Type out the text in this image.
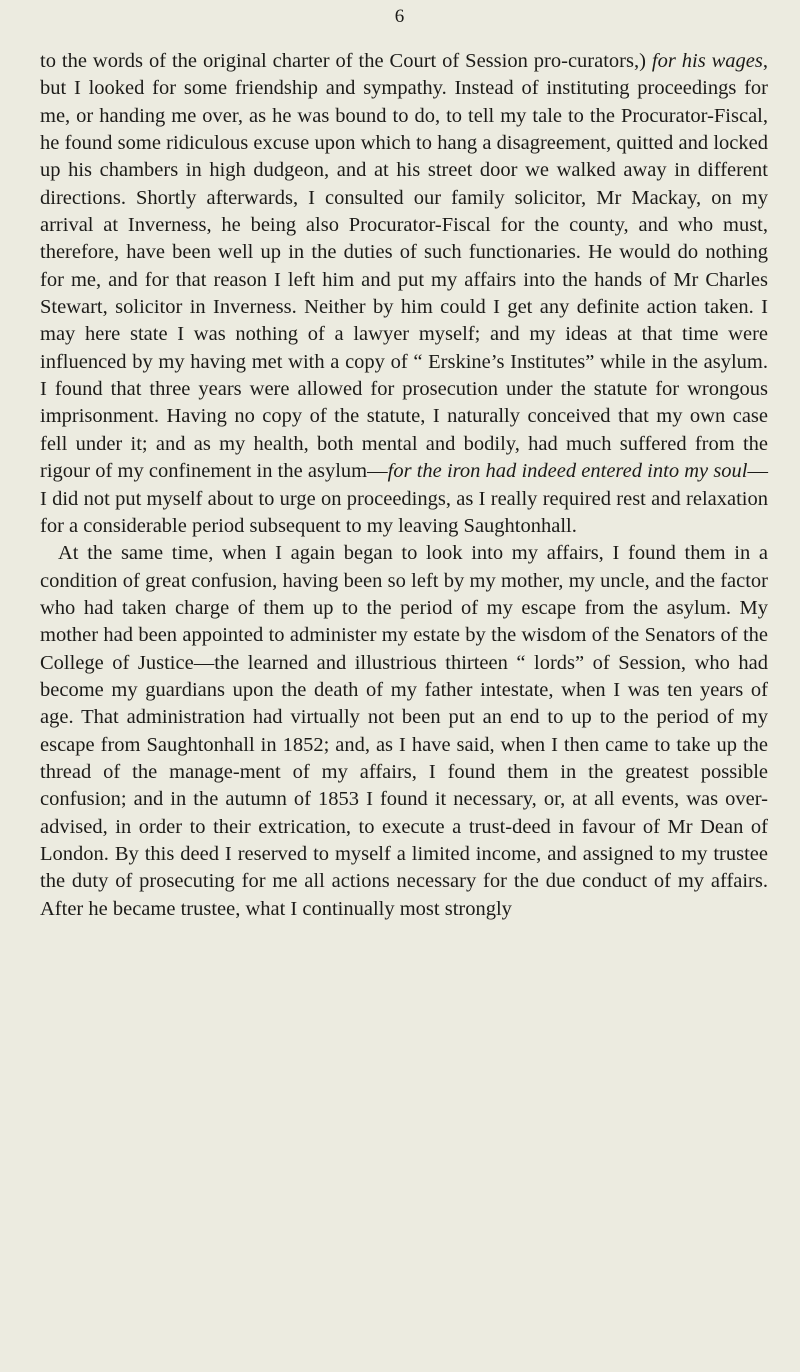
6

to the words of the original charter of the Court of Session pro-curators,) for his wages, but I looked for some friendship and sympathy. Instead of instituting proceedings for me, or handing me over, as he was bound to do, to tell my tale to the Procurator-Fiscal, he found some ridiculous excuse upon which to hang a disagreement, quitted and locked up his chambers in high dudgeon, and at his street door we walked away in different directions. Shortly afterwards, I consulted our family solicitor, Mr Mackay, on my arrival at Inverness, he being also Procurator-Fiscal for the county, and who must, therefore, have been well up in the duties of such functionaries. He would do nothing for me, and for that reason I left him and put my affairs into the hands of Mr Charles Stewart, solicitor in Inverness. Neither by him could I get any definite action taken. I may here state I was nothing of a lawyer myself; and my ideas at that time were influenced by my having met with a copy of “ Erskine’s Institutes” while in the asylum. I found that three years were allowed for prosecution under the statute for wrongous imprisonment. Having no copy of the statute, I naturally conceived that my own case fell under it; and as my health, both mental and bodily, had much suffered from the rigour of my confinement in the asylum—for the iron had indeed entered into my soul—I did not put myself about to urge on proceedings, as I really required rest and relaxation for a considerable period subsequent to my leaving Saughtonhall.

At the same time, when I again began to look into my affairs, I found them in a condition of great confusion, having been so left by my mother, my uncle, and the factor who had taken charge of them up to the period of my escape from the asylum. My mother had been appointed to administer my estate by the wisdom of the Senators of the College of Justice—the learned and illustrious thirteen “ lords” of Session, who had become my guardians upon the death of my father intestate, when I was ten years of age. That administration had virtually not been put an end to up to the period of my escape from Saughtonhall in 1852; and, as I have said, when I then came to take up the thread of the manage-ment of my affairs, I found them in the greatest possible confusion; and in the autumn of 1853 I found it necessary, or, at all events, was over-advised, in order to their extrication, to execute a trust-deed in favour of Mr Dean of London. By this deed I reserved to myself a limited income, and assigned to my trustee the duty of prosecuting for me all actions necessary for the due conduct of my affairs. After he became trustee, what I continually most strongly
